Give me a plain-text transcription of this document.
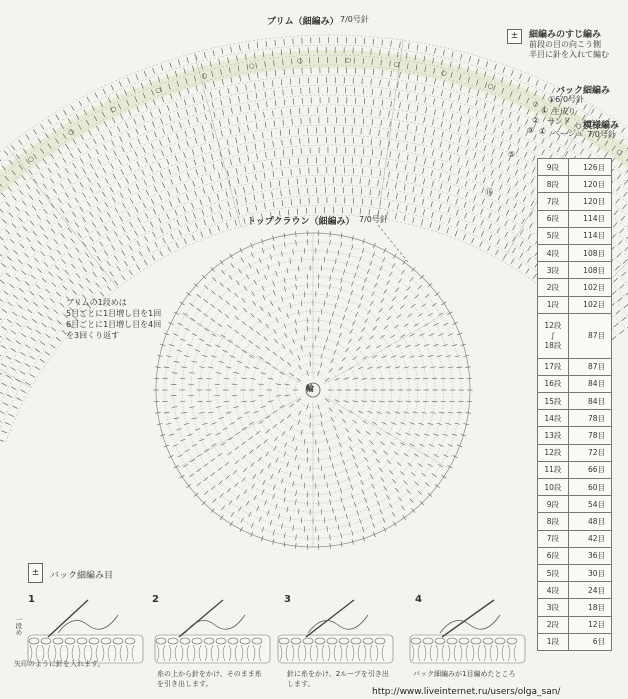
ブリム（細編み） 7/0号針
±	細編みのすじ編み
前段の目の向こう側
半目に針を入れて編む
バック細編み
①6/0号針
① 生成り
② サンド
⑨ ① ベージュ
模様編み
7/0号針
⑤
⑱
ブリムの1段めは
5目ごとに1目増し目を1回
6目ごとに1目増し目を4回
を3回くり返す
トップクラウン（細編み） 7/0号針
輪
9段	126目
8段	120目
7段	120目
6段	114目
5段	114目
4段	108目
3段	108目
2段	102目
1段	102目
12段
∫
18段	87目
17段	87目
16段	84目
15段	84目
14段	78目
13段	78目
12段	72目
11段	66目
10段	60目
9段	54目
8段	48目
7段	42目
6段	36目
5段	30目
4段	24目
3段	18目
2段	12目
1段	6目
±	バック細編み目
1	2	3	4
矢印のように針を入れます。
一段め
糸の上から針をかけ、そのまま糸
を引き出します。
針に糸をかけ、2ループを引き出
します。
バック細編みが1目編めたところ
http://www.liveinternet.ru/users/olga_san/
